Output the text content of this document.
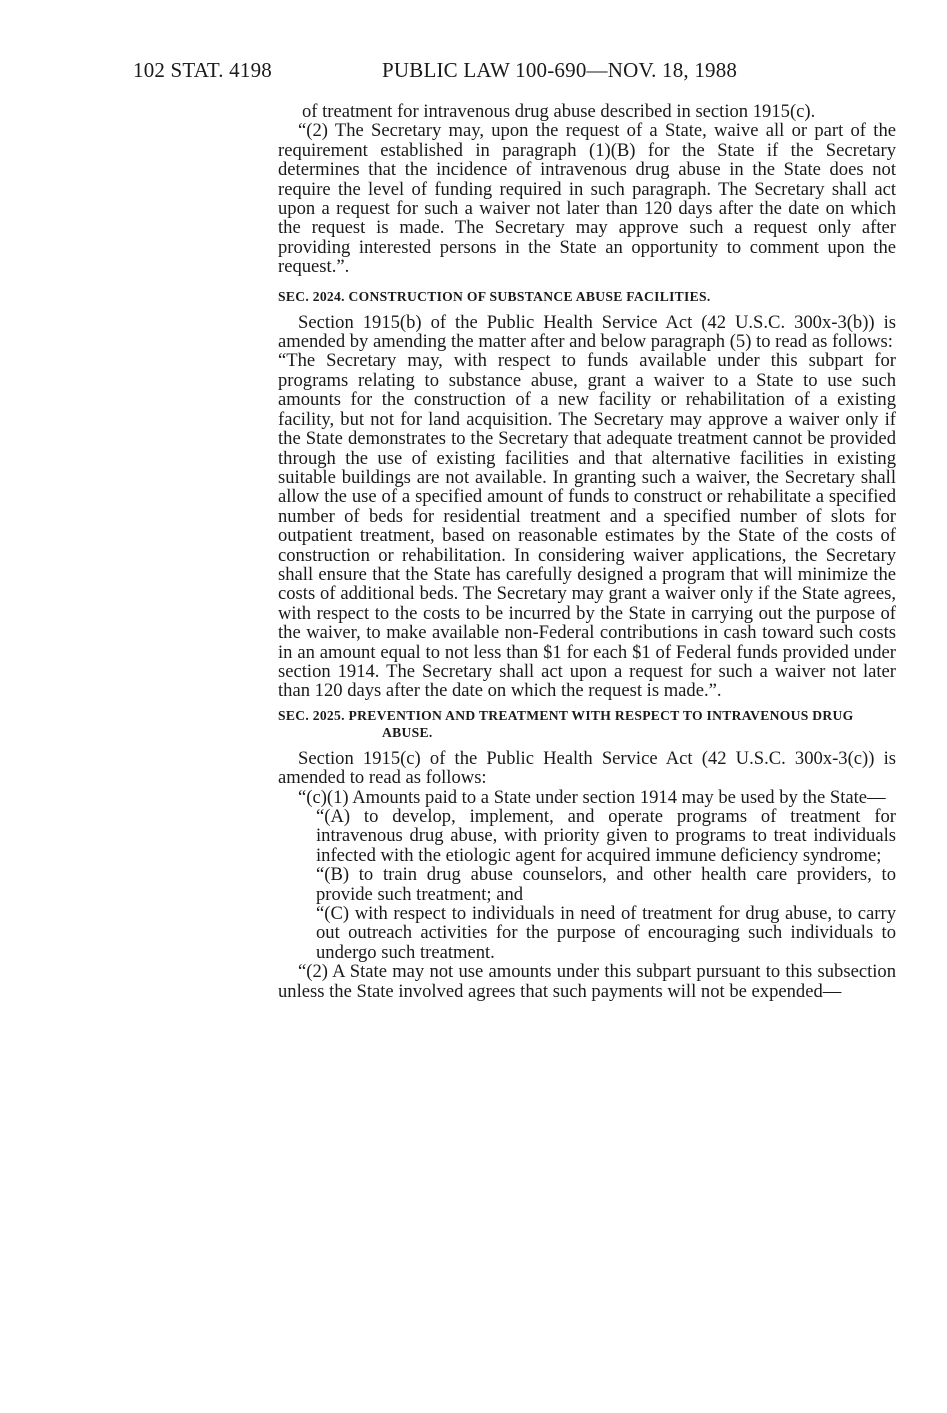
102 STAT. 4198	PUBLIC LAW 100-690—NOV. 18, 1988

of treatment for intravenous drug abuse described in section 1915(c).

“(2) The Secretary may, upon the request of a State, waive all or part of the requirement established in paragraph (1)(B) for the State if the Secretary determines that the incidence of intravenous drug abuse in the State does not require the level of funding required in such paragraph. The Secretary shall act upon a request for such a waiver not later than 120 days after the date on which the request is made. The Secretary may approve such a request only after providing interested persons in the State an opportunity to comment upon the request.”.

SEC. 2024. CONSTRUCTION OF SUBSTANCE ABUSE FACILITIES.

Section 1915(b) of the Public Health Service Act (42 U.S.C. 300x-3(b)) is amended by amending the matter after and below paragraph (5) to read as follows:

“The Secretary may, with respect to funds available under this subpart for programs relating to substance abuse, grant a waiver to a State to use such amounts for the construction of a new facility or rehabilitation of a existing facility, but not for land acquisition. The Secretary may approve a waiver only if the State demonstrates to the Secretary that adequate treatment cannot be provided through the use of existing facilities and that alternative facilities in existing suitable buildings are not available. In granting such a waiver, the Secretary shall allow the use of a specified amount of funds to construct or rehabilitate a specified number of beds for residential treatment and a specified number of slots for outpatient treatment, based on reasonable estimates by the State of the costs of construction or rehabilitation. In considering waiver applications, the Secretary shall ensure that the State has carefully designed a program that will minimize the costs of additional beds. The Secretary may grant a waiver only if the State agrees, with respect to the costs to be incurred by the State in carrying out the purpose of the waiver, to make available non-Federal contributions in cash toward such costs in an amount equal to not less than $1 for each $1 of Federal funds provided under section 1914. The Secretary shall act upon a request for such a waiver not later than 120 days after the date on which the request is made.”.

SEC. 2025. PREVENTION AND TREATMENT WITH RESPECT TO INTRAVENOUS DRUG ABUSE.

Section 1915(c) of the Public Health Service Act (42 U.S.C. 300x-3(c)) is amended to read as follows:

“(c)(1) Amounts paid to a State under section 1914 may be used by the State—

“(A) to develop, implement, and operate programs of treatment for intravenous drug abuse, with priority given to programs to treat individuals infected with the etiologic agent for acquired immune deficiency syndrome;

“(B) to train drug abuse counselors, and other health care providers, to provide such treatment; and

“(C) with respect to individuals in need of treatment for drug abuse, to carry out outreach activities for the purpose of encouraging such individuals to undergo such treatment.

“(2) A State may not use amounts under this subpart pursuant to this subsection unless the State involved agrees that such payments will not be expended—
